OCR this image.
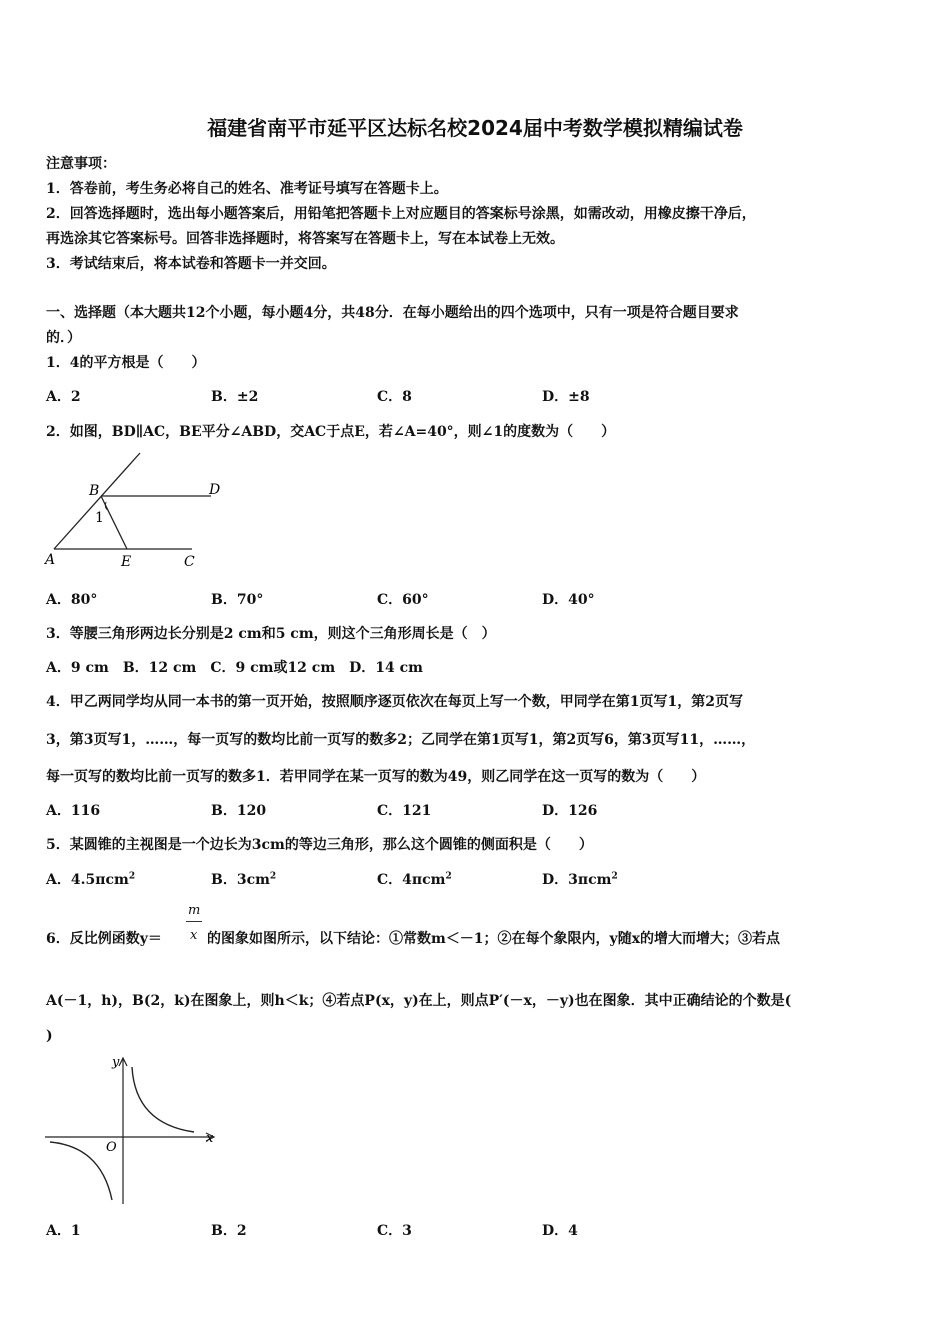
福建省南平市延平区达标名校2024届中考数学模拟精编试卷
注意事项：
1．答卷前，考生务必将自己的姓名、准考证号填写在答题卡上。
2．回答选择题时，选出每小题答案后，用铅笔把答题卡上对应题目的答案标号涂黑，如需改动，用橡皮擦干净后，
再选涂其它答案标号。回答非选择题时，将答案写在答题卡上，写在本试卷上无效。
3．考试结束后，将本试卷和答题卡一并交回。
一、选择题（本大题共12个小题，每小题4分，共48分．在每小题给出的四个选项中，只有一项是符合题目要求
的．）
1．4的平方根是（　　）
A．2	B．±2	C．8	D．±8
2．如图，BD∥AC，BE平分∠ABD，交AC于点E，若∠A=40°，则∠1的度数为（　　）
B	D
1
A	E	C
A．80°	B．70°	C．60°	D．40°
3．等腰三角形两边长分别是2 cm和5 cm，则这个三角形周长是（　）
A．9 cm　B．12 cm　C．9 cm或12 cm　D．14 cm
4．甲乙两同学均从同一本书的第一页开始，按照顺序逐页依次在每页上写一个数，甲同学在第1页写1，第2页写
3，第3页写1，……，每一页写的数均比前一页写的数多2；乙同学在第1页写1，第2页写6，第3页写11，……，
每一页写的数均比前一页写的数多1．若甲同学在某一页写的数为49，则乙同学在这一页写的数为（　　）
A．116	B．120	C．121	D．126
5．某圆锥的主视图是一个边长为3cm的等边三角形，那么这个圆锥的侧面积是（　　）
A．4.5πcm$^2$	B．$3cm^2$	C．4πcm$^2$	D．3πcm$^2$
6．反比例函数y＝
m
x 的图象如图所示，以下结论：①常数m＜－1；②在每个象限内，y随x的增大而增大；③若点
A(－1，h)，B(2，k)在图象上，则h＜k；④若点P(x，y)在上，则点P′(－x，－y)也在图象．其中正确结论的个数是(
)
y
x
O
A．1	B．2	C．3	D．4
